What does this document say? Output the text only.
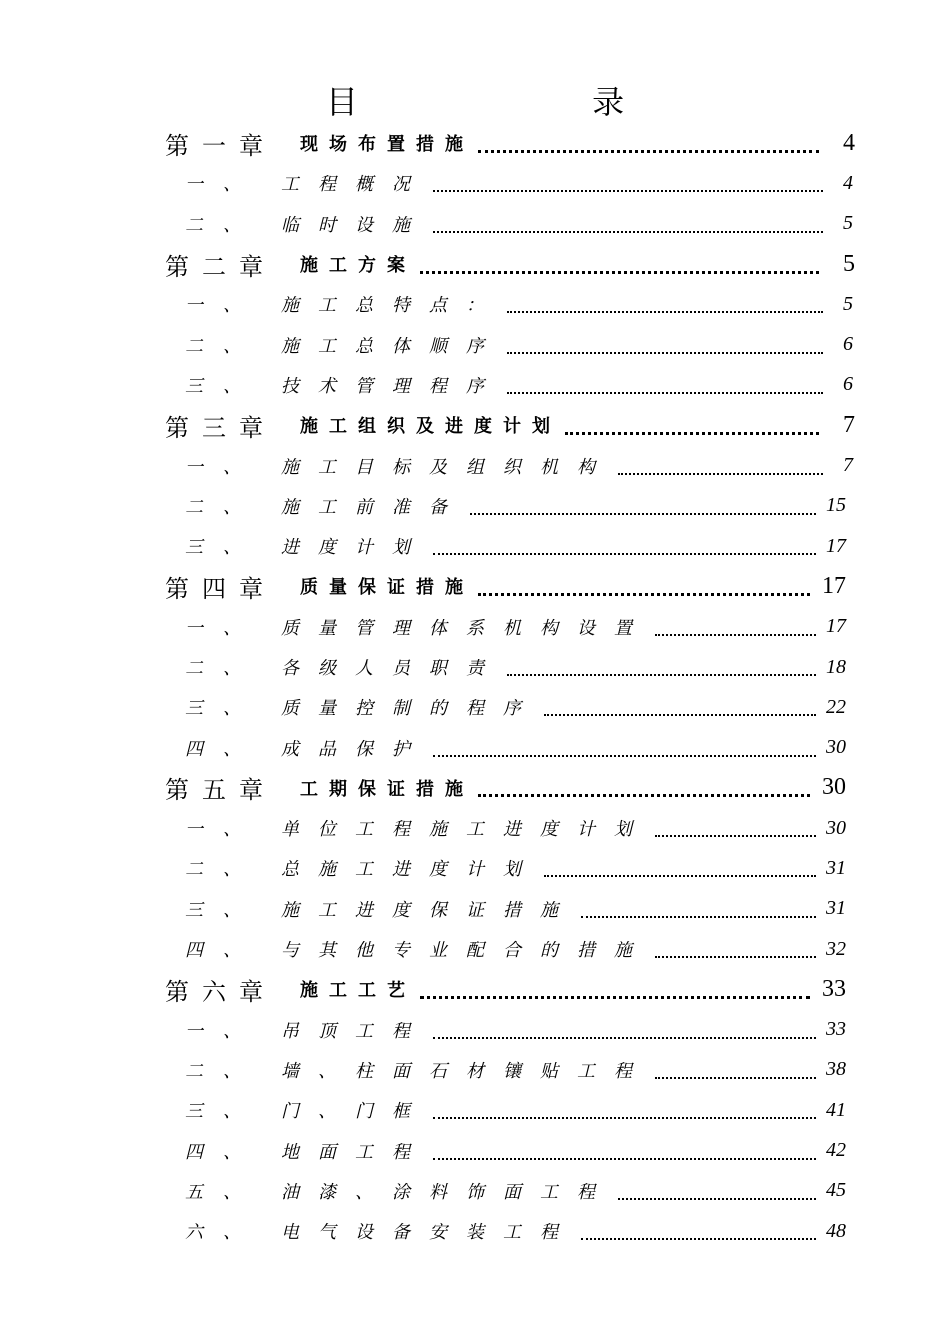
目 录
第一章	现场布置措施	4
一、	工程概况	4
二、	临时设施	5
第二章	施工方案	5
一、	施工总特点：	5
二、	施工总体顺序	6
三、	技术管理程序	6
第三章	施工组织及进度计划	7
一、	施工目标及组织机构	7
二、	施工前准备	15
三、	进度计划	17
第四章	质量保证措施	17
一、	质量管理体系机构设置	17
二、	各级人员职责	18
三、	质量控制的程序	22
四、	成品保护	30
第五章	工期保证措施	30
一、	单位工程施工进度计划	30
二、	总施工进度计划	31
三、	施工进度保证措施	31
四、	与其他专业配合的措施	32
第六章	施工工艺	33
一、	吊顶工程	33
二、	墙、柱面石材镶贴工程	38
三、	门、门框	41
四、	地面工程	42
五、	油漆、涂料饰面工程	45
六、	电气设备安装工程	48
